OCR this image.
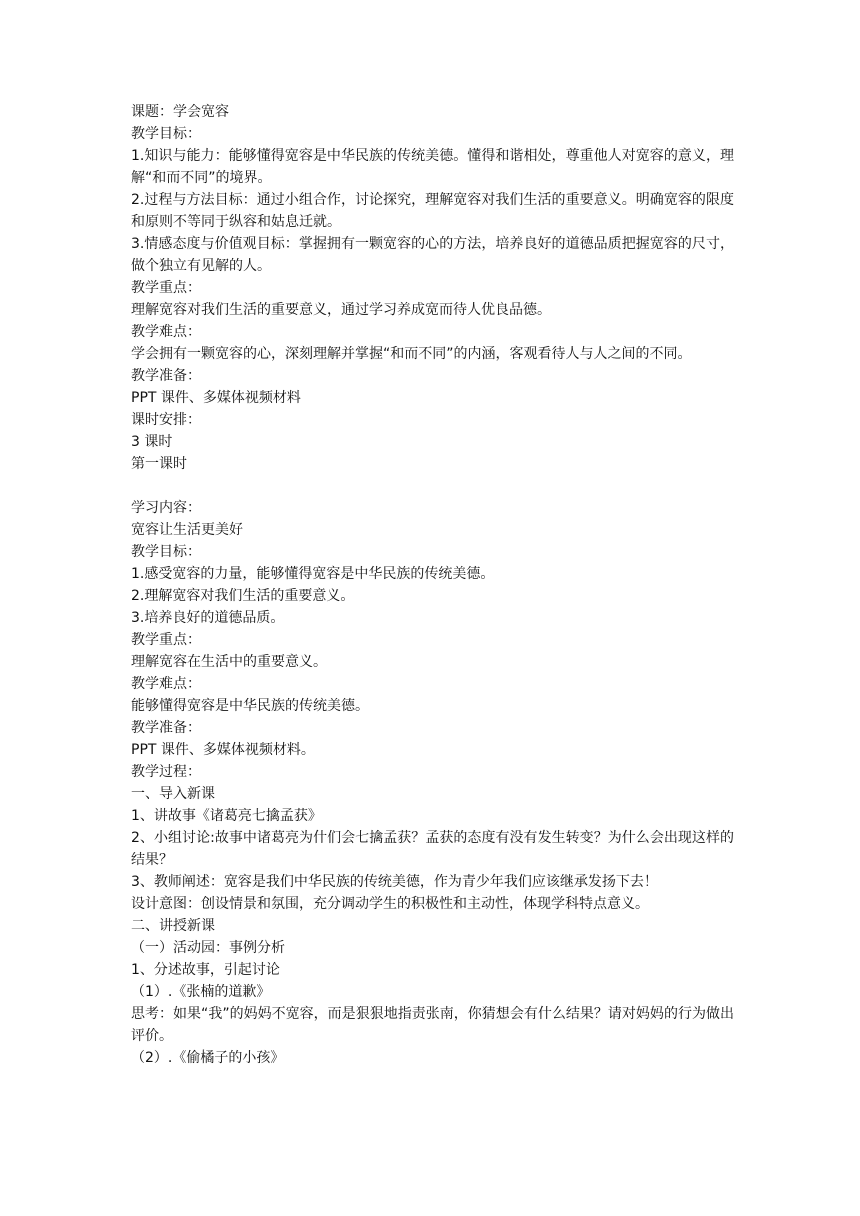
课题：学会宽容
教学目标：
1.知识与能力：能够懂得宽容是中华民族的传统美德。懂得和谐相处，尊重他人对宽容的意义，理解“和而不同”的境界。
2.过程与方法目标：通过小组合作，讨论探究，理解宽容对我们生活的重要意义。明确宽容的限度和原则不等同于纵容和姑息迁就。
3.情感态度与价值观目标：掌握拥有一颗宽容的心的方法，培养良好的道德品质把握宽容的尺寸，做个独立有见解的人。
教学重点：
理解宽容对我们生活的重要意义，通过学习养成宽而待人优良品德。
教学难点：
学会拥有一颗宽容的心，深刻理解并掌握“和而不同”的内涵，客观看待人与人之间的不同。
教学准备：
PPT 课件、多媒体视频材料
课时安排：
3 课时
第一课时
学习内容：
宽容让生活更美好
教学目标：
1.感受宽容的力量，能够懂得宽容是中华民族的传统美德。
2.理解宽容对我们生活的重要意义。
3.培养良好的道德品质。
教学重点：
理解宽容在生活中的重要意义。
教学难点：
能够懂得宽容是中华民族的传统美德。
教学准备：
PPT 课件、多媒体视频材料。
教学过程：
一、导入新课
1、讲故事《诸葛亮七擒孟获》
2、小组讨论:故事中诸葛亮为什们会七擒孟获？孟获的态度有没有发生转变？为什么会出现这样的结果？
3、教师阐述：宽容是我们中华民族的传统美德，作为青少年我们应该继承发扬下去！
设计意图：创设情景和氛围，充分调动学生的积极性和主动性，体现学科特点意义。
二、讲授新课
（一）活动园：事例分析
1、分述故事，引起讨论
（1）.《张楠的道歉》
思考：如果“我”的妈妈不宽容，而是狠狠地指责张南，你猜想会有什么结果？请对妈妈的行为做出评价。
（2）.《偷橘子的小孩》
